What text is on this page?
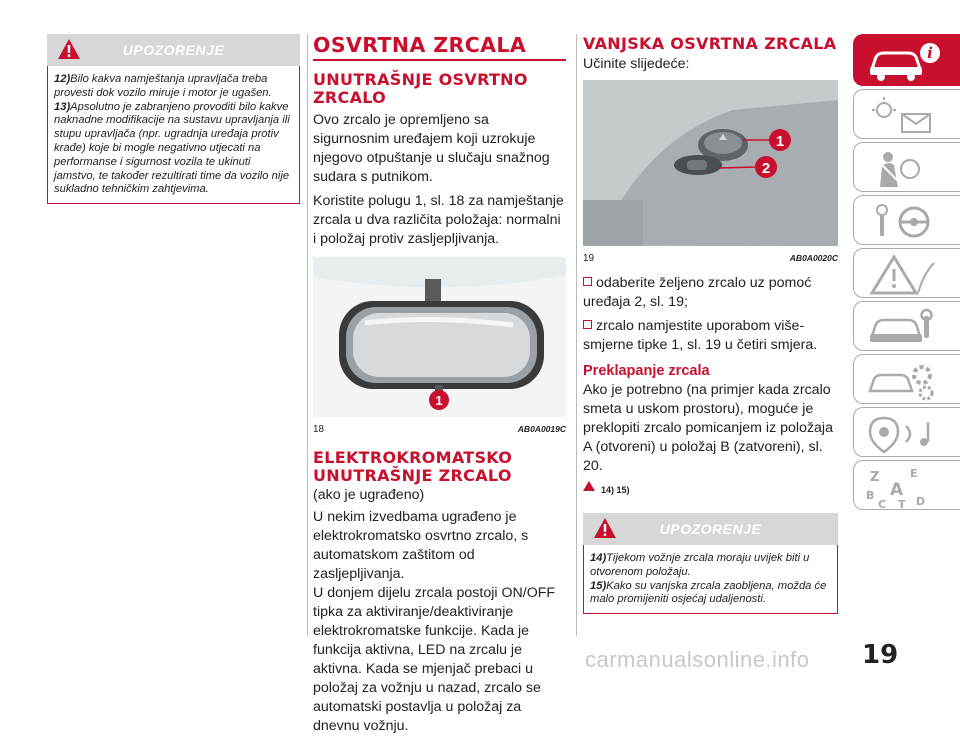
UPOZORENJE

12)Bilo kakva namještanja upravljača treba provesti dok vozilo miruje i motor je ugašen.

13)Apsolutno je zabranjeno provoditi bilo kakve naknadne modifikacije na sustavu upravljanja ili stupu upravljača (npr. ugradnja uređaja protiv krađe) koje bi mogle negativno utjecati na performanse i sigurnost vozila te ukinuti jamstvo, te također rezultirati time da vozilo nije sukladno tehničkim zahtjevima.

OSVRTNA ZRCALA
UNUTRAŠNJE OSVRTNO
ZRCALO

Ovo zrcalo je opremljeno sa sigurnosnim uređajem koji uzrokuje njegovo otpuštanje u slučaju snažnog sudara s putnikom.

Koristite polugu 1, sl. 18 za namještanje zrcala u dva različita položaja: normalni i položaj protiv zasljepljivanja.

1
18	AB0A0019C
ELEKTROKROMATSKO
UNUTRAŠNJE ZRCALO

(ako je ugrađeno)

U nekim izvedbama ugrađeno je elektrokromatsko osvrtno zrcalo, s automatskom zaštitom od zasljepljivanja.

U donjem dijelu zrcala postoji ON/OFF tipka za aktiviranje/deaktiviranje elektrokromatske funkcije. Kada je funkcija aktivna, LED na zrcalu je aktivna. Kada se mjenjač prebaci u položaj za vožnju u nazad, zrcalo se automatski postavlja u položaj za dnevnu vožnju.

VANJSKA OSVRTNA ZRCALA

Učinite slijedeće:

1
2
19	AB0A0020C

odaberite željeno zrcalo uz pomoć uređaja 2, sl. 19;

zrcalo namjestite uporabom više-smjerne tipke 1, sl. 19 u četiri smjera.

Preklapanje zrcala

Ako je potrebno (na primjer kada zrcalo smeta u uskom prostoru), moguće je preklopiti zrcalo pomicanjem iz položaja A (otvoreni) u položaj B (zatvoreni), sl. 20.

14) 15)
UPOZORENJE

14)Tijekom vožnje zrcala moraju uvijek biti u otvorenom položaju.

15)Kako su vanjska zrcala zaobljena, možda će malo promijeniti osjećaj udaljenosti.

i
Z	E
A
B
C T D
19
carmanualsonline.info
